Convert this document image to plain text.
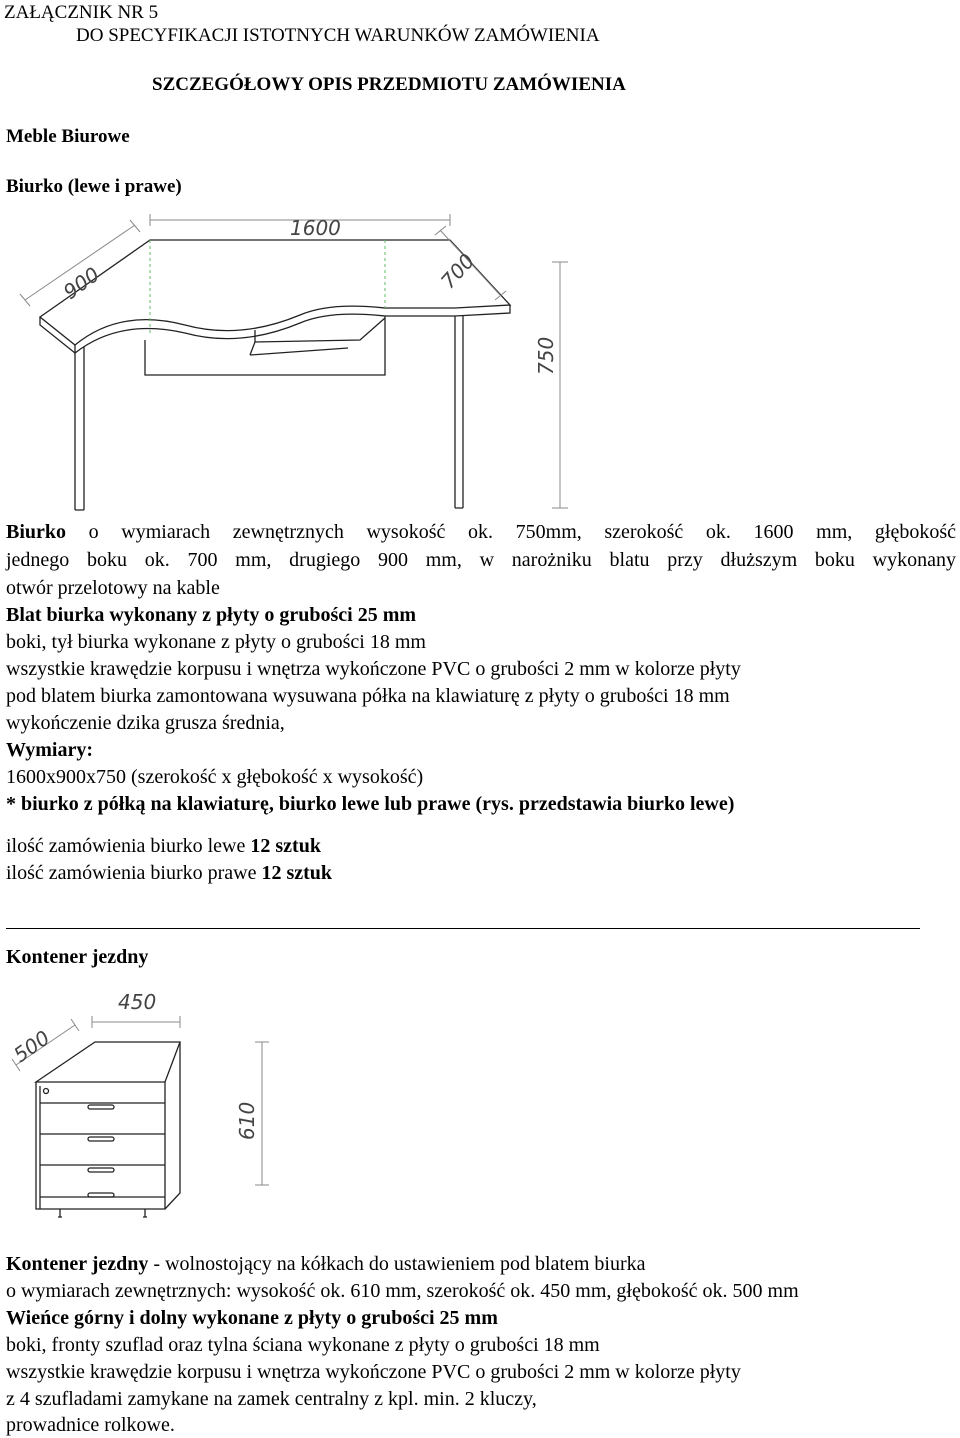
ZAŁĄCZNIK NR 5
DO SPECYFIKACJI ISTOTNYCH WARUNKÓW ZAMÓWIENIA
SZCZEGÓŁOWY OPIS PRZEDMIOTU ZAMÓWIENIA
Meble Biurowe
Biurko (lewe i prawe)
1600
900	700
750
Biurko o wymiarach zewnętrznych wysokość ok. 750mm, szerokość ok. 1600 mm, głębokość
jednego boku ok. 700 mm, drugiego 900 mm, w narożniku blatu przy dłuższym boku wykonany
otwór przelotowy na kable
Blat biurka wykonany z płyty o grubości 25 mm
boki, tył biurka wykonane z płyty o grubości 18 mm
wszystkie krawędzie korpusu i wnętrza wykończone PVC o grubości 2 mm w kolorze płyty
pod blatem biurka zamontowana wysuwana półka na klawiaturę z płyty o grubości 18 mm
wykończenie dzika grusza średnia,
Wymiary:
1600x900x750 (szerokość x głębokość x wysokość)
* biurko z półką na klawiaturę, biurko lewe lub prawe (rys. przedstawia biurko lewe)
ilość zamówienia biurko lewe 12 sztuk
ilość zamówienia biurko prawe 12 sztuk
Kontener jezdny
450
500
610
Kontener jezdny - wolnostojący na kółkach do ustawieniem pod blatem biurka
o wymiarach zewnętrznych: wysokość ok. 610 mm, szerokość ok. 450 mm, głębokość ok. 500 mm
Wieńce górny i dolny wykonane z płyty o grubości 25 mm
boki, fronty szuflad oraz tylna ściana wykonane z płyty o grubości 18 mm
wszystkie krawędzie korpusu i wnętrza wykończone PVC o grubości 2 mm w kolorze płyty
z 4 szufladami zamykane na zamek centralny z kpl. min. 2 kluczy,
prowadnice rolkowe.
